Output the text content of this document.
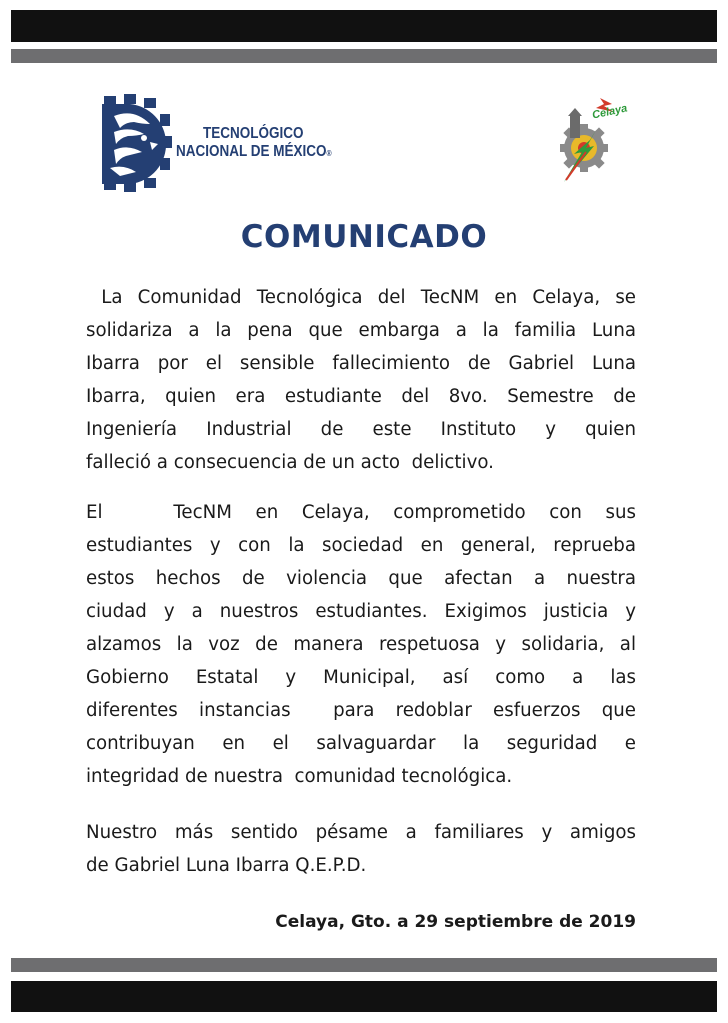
TECNOLÓGICO
NACIONAL DE MÉXICO®
Celaya
COMUNICADO
La Comunidad Tecnológica del TecNM en Celaya, se
solidariza a la pena que embarga a la familia Luna
Ibarra por el sensible fallecimiento de Gabriel Luna
Ibarra, quien era estudiante del 8vo. Semestre de
Ingeniería Industrial de este Instituto y quien
falleció a consecuencia de un acto  delictivo.
El   TecNM en Celaya, comprometido con sus
estudiantes y con la sociedad en general, reprueba
estos hechos de violencia que afectan a nuestra
ciudad y a nuestros estudiantes. Exigimos justicia y
alzamos la voz de manera respetuosa y solidaria, al
Gobierno Estatal y Municipal, así como a las
diferentes instancias  para redoblar esfuerzos que
contribuyan en el salvaguardar la seguridad e
integridad de nuestra  comunidad tecnológica.
Nuestro más sentido pésame a familiares y amigos
de Gabriel Luna Ibarra Q.E.P.D.
Celaya, Gto. a 29 septiembre de 2019
